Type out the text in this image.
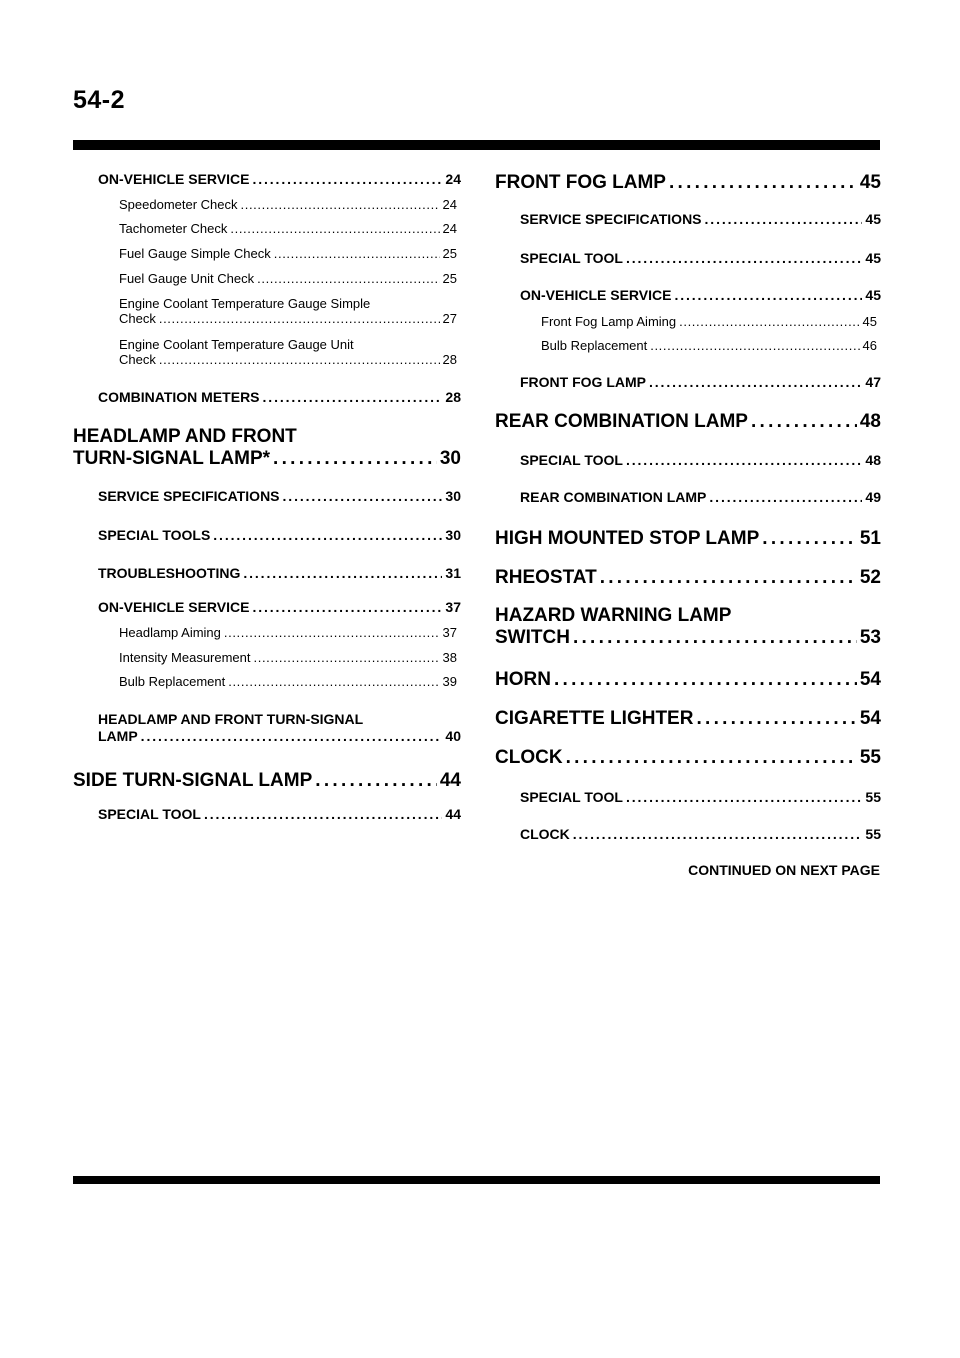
54-2
ON-VEHICLE SERVICE . . .	24
Speedometer Check . . .	24
Tachometer Check . . .	24
Fuel Gauge Simple Check . . .	25
Fuel Gauge Unit Check . . .	25
Engine Coolant Temperature Gauge Simple
Check . . .	27
Engine Coolant Temperature Gauge Unit
Check . . .	28
COMBINATION METERS . . .	28
HEADLAMP AND FRONT
TURN-SIGNAL LAMP* . . .	30
SERVICE SPECIFICATIONS . . .	30
SPECIAL TOOLS . . .	30
TROUBLESHOOTING . . .	31
ON-VEHICLE SERVICE . . .	37
Headlamp Aiming . . .	37
Intensity Measurement . . .	38
Bulb Replacement . . .	39
HEADLAMP AND FRONT TURN-SIGNAL
LAMP . . .	40
SIDE TURN-SIGNAL LAMP . . .	44
SPECIAL TOOL . . .	44
FRONT FOG LAMP . . .	45
SERVICE SPECIFICATIONS . . .	45
SPECIAL TOOL . . .	45
ON-VEHICLE SERVICE . . .	45
Front Fog Lamp Aiming . . .	45
Bulb Replacement . . .	46
FRONT FOG LAMP . . .	47
REAR COMBINATION LAMP . . .	48
SPECIAL TOOL . . .	48
REAR COMBINATION LAMP . . .	49
HIGH MOUNTED STOP LAMP . . .	51
RHEOSTAT . . .	52
HAZARD WARNING LAMP
SWITCH . . .	53
HORN . . .	54
CIGARETTE LIGHTER . . .	54
CLOCK . . .	55
SPECIAL TOOL . . .	55
CLOCK . . .	55
CONTINUED ON NEXT PAGE
